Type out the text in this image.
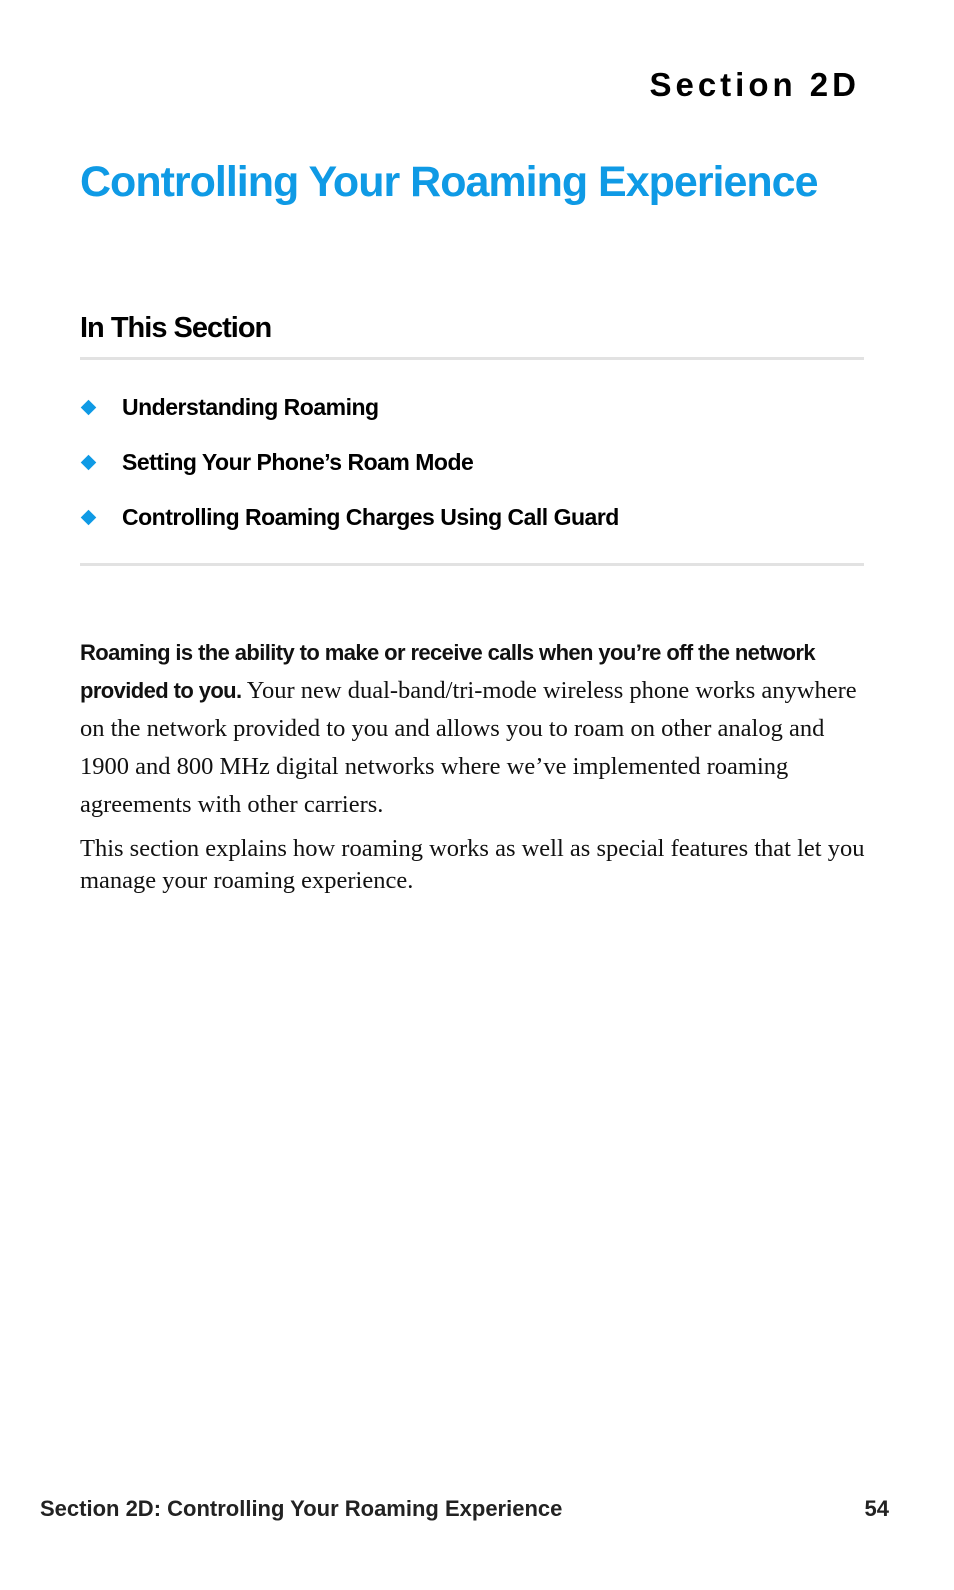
Section 2D
Controlling Your Roaming Experience
In This Section
Understanding Roaming
Setting Your Phone’s Roam Mode
Controlling Roaming Charges Using Call Guard

Roaming is the ability to make or receive calls when you’re off the network provided to you. Your new dual-band/tri-mode wireless phone works anywhere on the network provided to you and allows you to roam on other analog and 1900 and 800 MHz digital networks where we’ve implemented roaming agreements with other carriers.

This section explains how roaming works as well as special features that let you manage your roaming experience.

Section 2D: Controlling Your Roaming Experience	54
